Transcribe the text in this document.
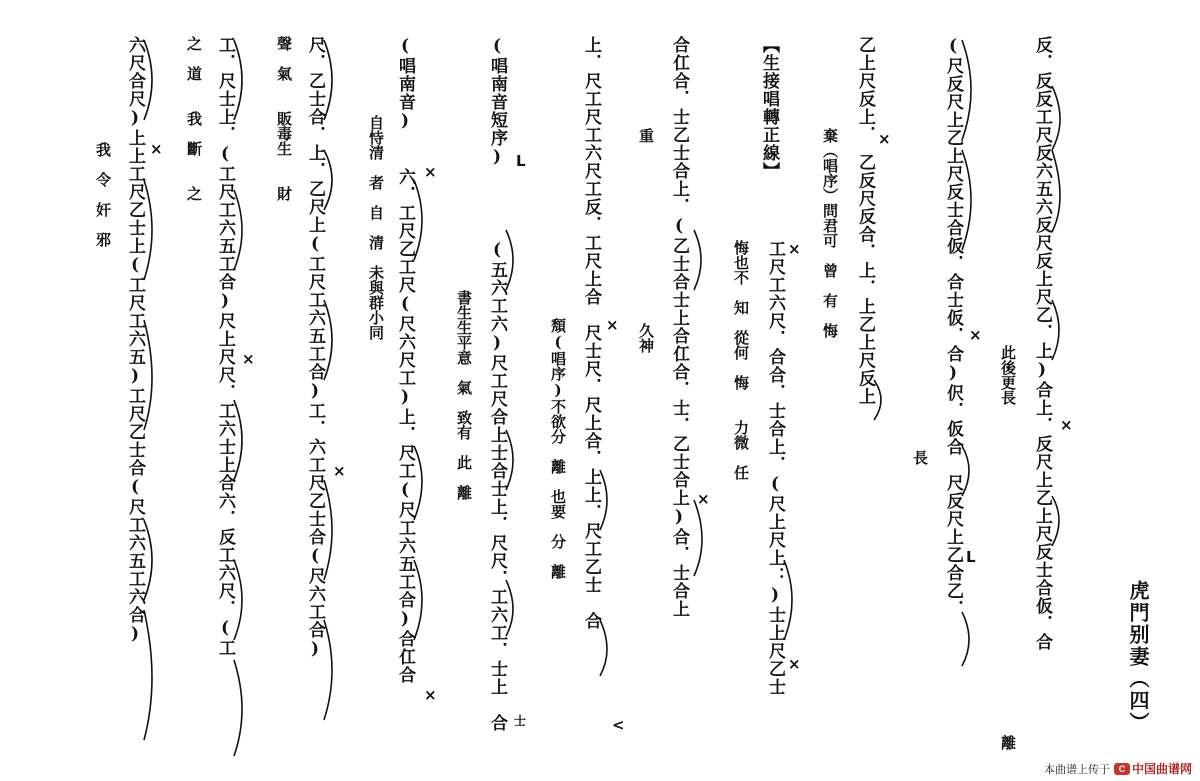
虎門别妻（四）
反．反反工尺反六五六反尺反上尺乙．上)合上．反尺上乙上尺反士合仮．合
此後更長
離
(尺反尺上乙上尺反士合仮．合士仮．合)伬．仮合　尺反尺上乙合乙．
長
乙上尺反上．　乙反尺反合．上．上乙上尺反上
棄（唱序）問君可　曾　有　悔
工尺工六尺．合合．士合上．(尺上尺上：)士上尺乙士
悔也不　知　從何　悔　　力微　任
【生接唱轉正線】
合仜合．士乙士合上．(乙士合士上合仜合．士．乙士合上)合．士合上
重　　　　　　　　　　　　久神
上．尺工尺工六尺工反．工尺上合　尺士尺．尺上合．上上．尺工乙士　合
頽(唱序)不欲分　離　也要　分　離
(唱南音短序)
(五六工六)尺工尺合上士合士上．尺尺．工六工．士上　合
書生生平意　氣　致有　此　離
(唱南音)
六．工尺乙工尺(尺六尺工)上．尺工(尺工六五工合)合仜合
自恃清　者　自　清　未與群小同
尺．乙士合．上．乙尺上(工尺工六五工合)工．六工尺乙士合(尺六工合)
聲　氣　　販毒生　　財
工．尺士上．(工尺工六五工合)尺上尺尺．工六士上合六．反工六尺．(工
之　道　　我　斷　　之
六尺合尺)上上工尺乙士上(工尺工六五)工尺乙士合(尺工六五工六合)
我　令　奸　邪
×
×
×
×
×
×
×
×
×
×
×
×
L
L
<
士
本曲谱上传于 C 中国曲谱网
